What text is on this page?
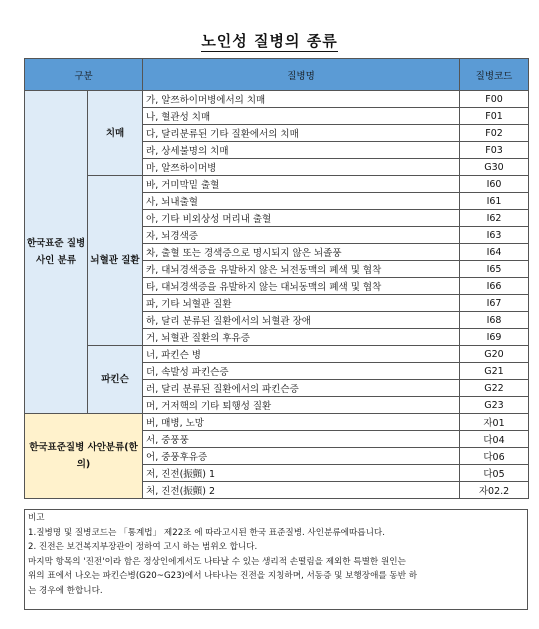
노인성 질병의 종류
구분		질병명	질병코드
한국표준 질병 사인 분류	치매	가, 알쯔하이머병에서의 치매	F00
		나, 혈관성 치매	F01
		다, 달리분류된 기타 질환에서의 치매	F02
		라, 상세불명의 치매	F03
		마, 알쯔하이머병	G30
	뇌혈관 질환	바, 거미막밑 출혈	I60
		사, 뇌내출혈	I61
		아, 기타 비외상성 머리내 출혈	I62
		자, 뇌경색증	I63
		차, 출혈 또는 경색증으로 명시되지 않은 뇌졸풍	I64
		카, 대뇌경색증을 유발하지 않은 뇌전동맥의 폐색 및 협착	I65
		타, 대뇌경색증을 유발하지 않는 대뇌동맥의 폐색 및 협착	I66
		파, 기타 뇌혈관 질환	I67
		하, 달리 분류된 질환에서의 뇌혈관 장애	I68
		거, 뇌혈관 질환의 후유증	I69
	파킨슨	너, 파킨슨 병	G20
		더, 속발성 파킨슨증	G21
		러, 달리 분류된 질환에서의 파킨슨증	G22
		머, 거저핵의 기타 퇴행성 질환	G23
한국표준질병 사안분류(한의)		버, 매병, 노망	자01
		서, 중풍풍	다04
		어, 중풍후유증	다06
		저, 진전(振顫) 1	다05
		처, 진전(振顫) 2	자02.2
비고
1.질병명 및 질병코드는 「통계법」 제22조 에 따라고시된 한국 표준질병. 사인분류에따릅니다.
2. 진전은 보건복지부장관이 정하여 고시 하는 범위오 합니다.
마지막 항목의 '진전'이라 함은 정상인에게서도 나타날 수 있는 생리적 손떨림을 제외한 특별한 원인는
위의 표에서 나오는 파킨슨병(G20~G23)에서 나타나는 진전을 지칭하며, 서동증 및 보행장애를 동반 하
는 경우에 한합니다.
